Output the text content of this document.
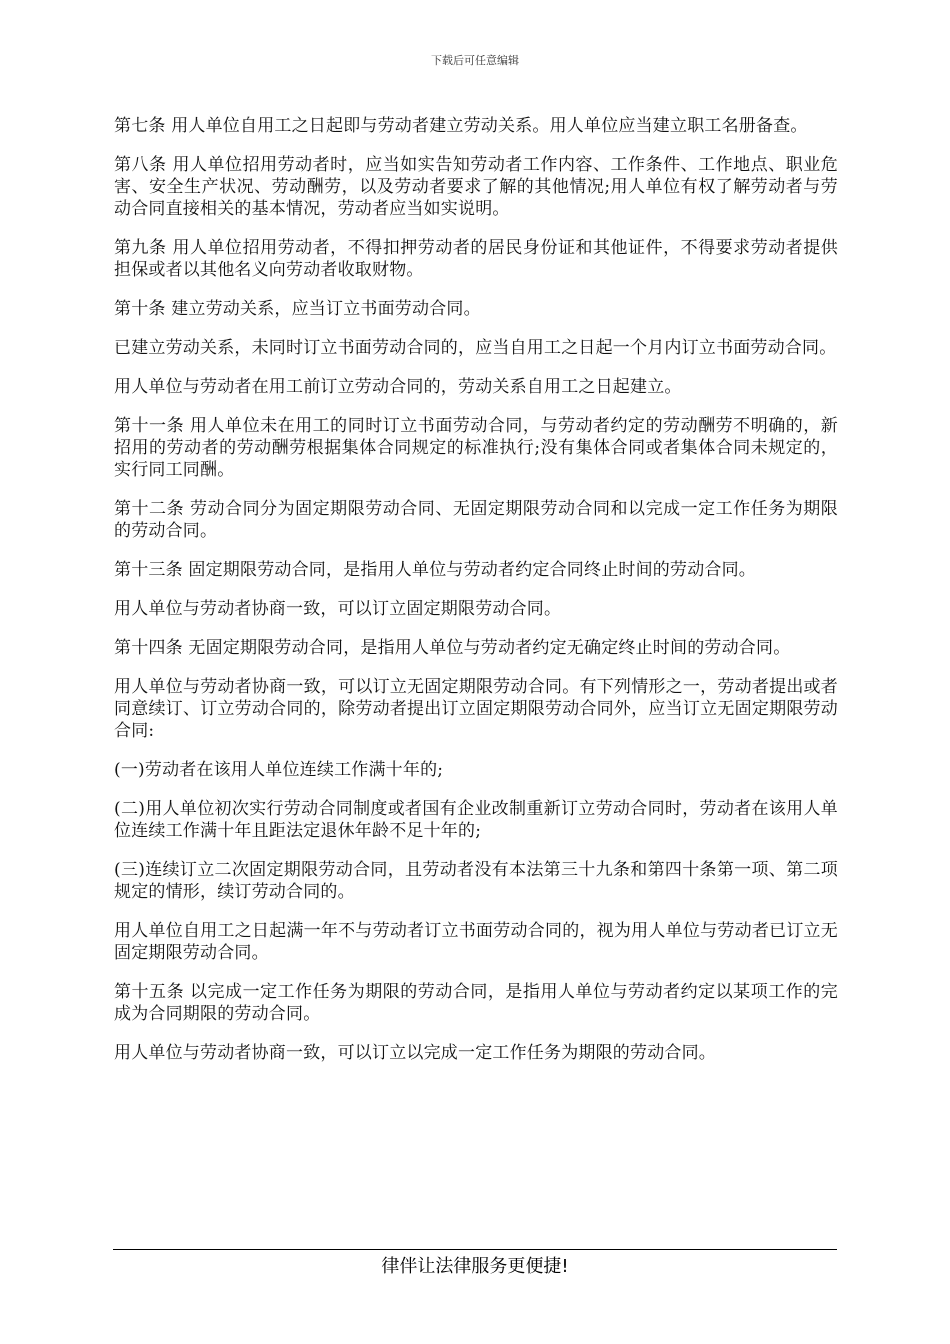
下载后可任意编辑

第七条 用人单位自用工之日起即与劳动者建立劳动关系。用人单位应当建立职工名册备查。

第八条 用人单位招用劳动者时，应当如实告知劳动者工作内容、工作条件、工作地点、职业危害、安全生产状况、劳动酬劳，以及劳动者要求了解的其他情况;用人单位有权了解劳动者与劳动合同直接相关的基本情况，劳动者应当如实说明。

第九条 用人单位招用劳动者，不得扣押劳动者的居民身份证和其他证件，不得要求劳动者提供担保或者以其他名义向劳动者收取财物。

第十条 建立劳动关系，应当订立书面劳动合同。

已建立劳动关系，未同时订立书面劳动合同的，应当自用工之日起一个月内订立书面劳动合同。

用人单位与劳动者在用工前订立劳动合同的，劳动关系自用工之日起建立。

第十一条 用人单位未在用工的同时订立书面劳动合同，与劳动者约定的劳动酬劳不明确的，新招用的劳动者的劳动酬劳根据集体合同规定的标准执行;没有集体合同或者集体合同未规定的，实行同工同酬。

第十二条 劳动合同分为固定期限劳动合同、无固定期限劳动合同和以完成一定工作任务为期限的劳动合同。

第十三条 固定期限劳动合同，是指用人单位与劳动者约定合同终止时间的劳动合同。

用人单位与劳动者协商一致，可以订立固定期限劳动合同。

第十四条 无固定期限劳动合同，是指用人单位与劳动者约定无确定终止时间的劳动合同。

用人单位与劳动者协商一致，可以订立无固定期限劳动合同。有下列情形之一，劳动者提出或者同意续订、订立劳动合同的，除劳动者提出订立固定期限劳动合同外，应当订立无固定期限劳动合同:

(一)劳动者在该用人单位连续工作满十年的;

(二)用人单位初次实行劳动合同制度或者国有企业改制重新订立劳动合同时，劳动者在该用人单位连续工作满十年且距法定退休年龄不足十年的;

(三)连续订立二次固定期限劳动合同，且劳动者没有本法第三十九条和第四十条第一项、第二项规定的情形，续订劳动合同的。

用人单位自用工之日起满一年不与劳动者订立书面劳动合同的，视为用人单位与劳动者已订立无固定期限劳动合同。

第十五条 以完成一定工作任务为期限的劳动合同，是指用人单位与劳动者约定以某项工作的完成为合同期限的劳动合同。

用人单位与劳动者协商一致，可以订立以完成一定工作任务为期限的劳动合同。

律伴让法律服务更便捷!
